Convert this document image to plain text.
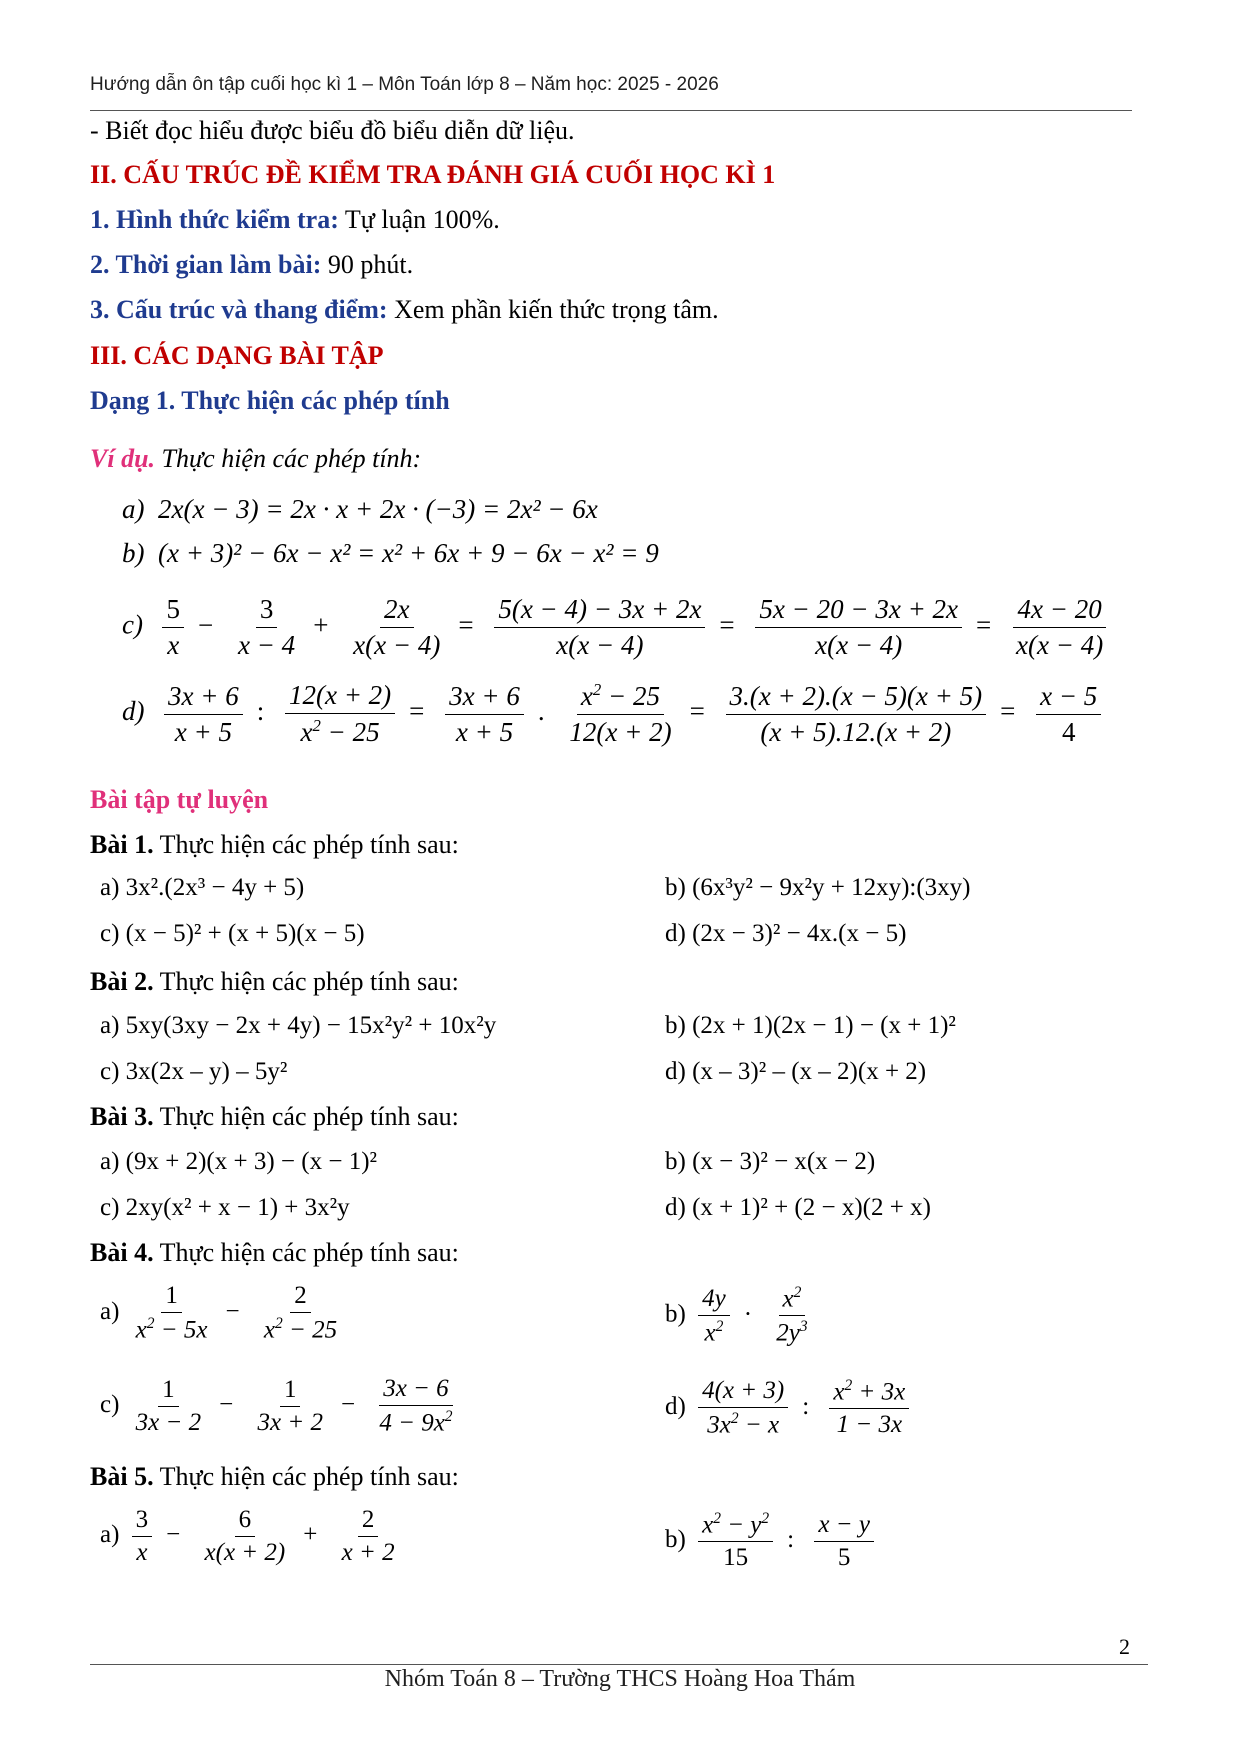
Hướng dẫn ôn tập cuối học kì 1 – Môn Toán lớp 8 – Năm học: 2025 - 2026
- Biết đọc hiểu được biểu đồ biểu diễn dữ liệu.
II. CẤU TRÚC ĐỀ KIỂM TRA ĐÁNH GIÁ CUỐI HỌC KÌ 1
1. Hình thức kiểm tra: Tự luận 100%.
2. Thời gian làm bài: 90 phút.
3. Cấu trúc và thang điểm: Xem phần kiến thức trọng tâm.
III. CÁC DẠNG BÀI TẬP
Dạng 1. Thực hiện các phép tính
Ví dụ. Thực hiện các phép tính:
a)  2x(x − 3) = 2x · x + 2x · (−3) = 2x² − 6x
b)  (x + 3)² − 6x − x² = x² + 6x + 9 − 6x − x² = 9
$c) \frac{5}{x} - \frac{3}{x - 4} + \frac{2x}{x(x - 4)} = \frac{5(x - 4) - 3x + 2x}{x(x - 4)} = \frac{5x - 20 - 3x + 2x}{x(x - 4)} = \frac{4x - 20}{x(x - 4)}$
$d) \frac{3x + 6}{x + 5}$ : $\frac{12(x + 2)}{x^2 - 25} = \frac{3x + 6}{x + 5}$ . $\frac{x^2 - 25}{12(x + 2)} = \frac{3.(x + 2).(x - 5)(x + 5)}{(x + 5).12.(x + 2)} = \frac{x - 5}{4}$
Bài tập tự luyện
Bài 1. Thực hiện các phép tính sau:
a) 3x².(2x³ − 4y + 5)	b) (6x³y² − 9x²y + 12xy):(3xy)
c) (x − 5)² + (x + 5)(x − 5)	d) (2x − 3)² − 4x.(x − 5)
Bài 2. Thực hiện các phép tính sau:
a) 5xy(3xy − 2x + 4y) − 15x²y² + 10x²y	b) (2x + 1)(2x − 1) − (x + 1)²
c) 3x(2x – y) – 5y²	d) (x – 3)² – (x – 2)(x + 2)
Bài 3. Thực hiện các phép tính sau:
a) (9x + 2)(x + 3) − (x − 1)²	b) (x − 3)² − x(x − 2)
c) 2xy(x² + x − 1) + 3x²y	d) (x + 1)² + (2 − x)(2 + x)
Bài 4. Thực hiện các phép tính sau:
$a) \frac{1}{x^2 - 5x} - \frac{2}{x^2 - 25}$	$b) \frac{4y}{x^2} \cdot \frac{x^2}{2y^3}$
$c) \frac{1}{3x - 2} - \frac{1}{3x + 2} - \frac{3x - 6}{4 - 9x^2}$	$d) \frac{4(x + 3)}{3x^2 - x}$ : $\frac{x^2 + 3x}{1 - 3x}$
Bài 5. Thực hiện các phép tính sau:
$a) \frac{3}{x} - \frac{6}{x(x + 2)} + \frac{2}{x + 2}$	$b) \frac{x^2 - y^2}{15}$ : $\frac{x - y}{5}$
2
Nhóm Toán 8 – Trường THCS Hoàng Hoa Thám
